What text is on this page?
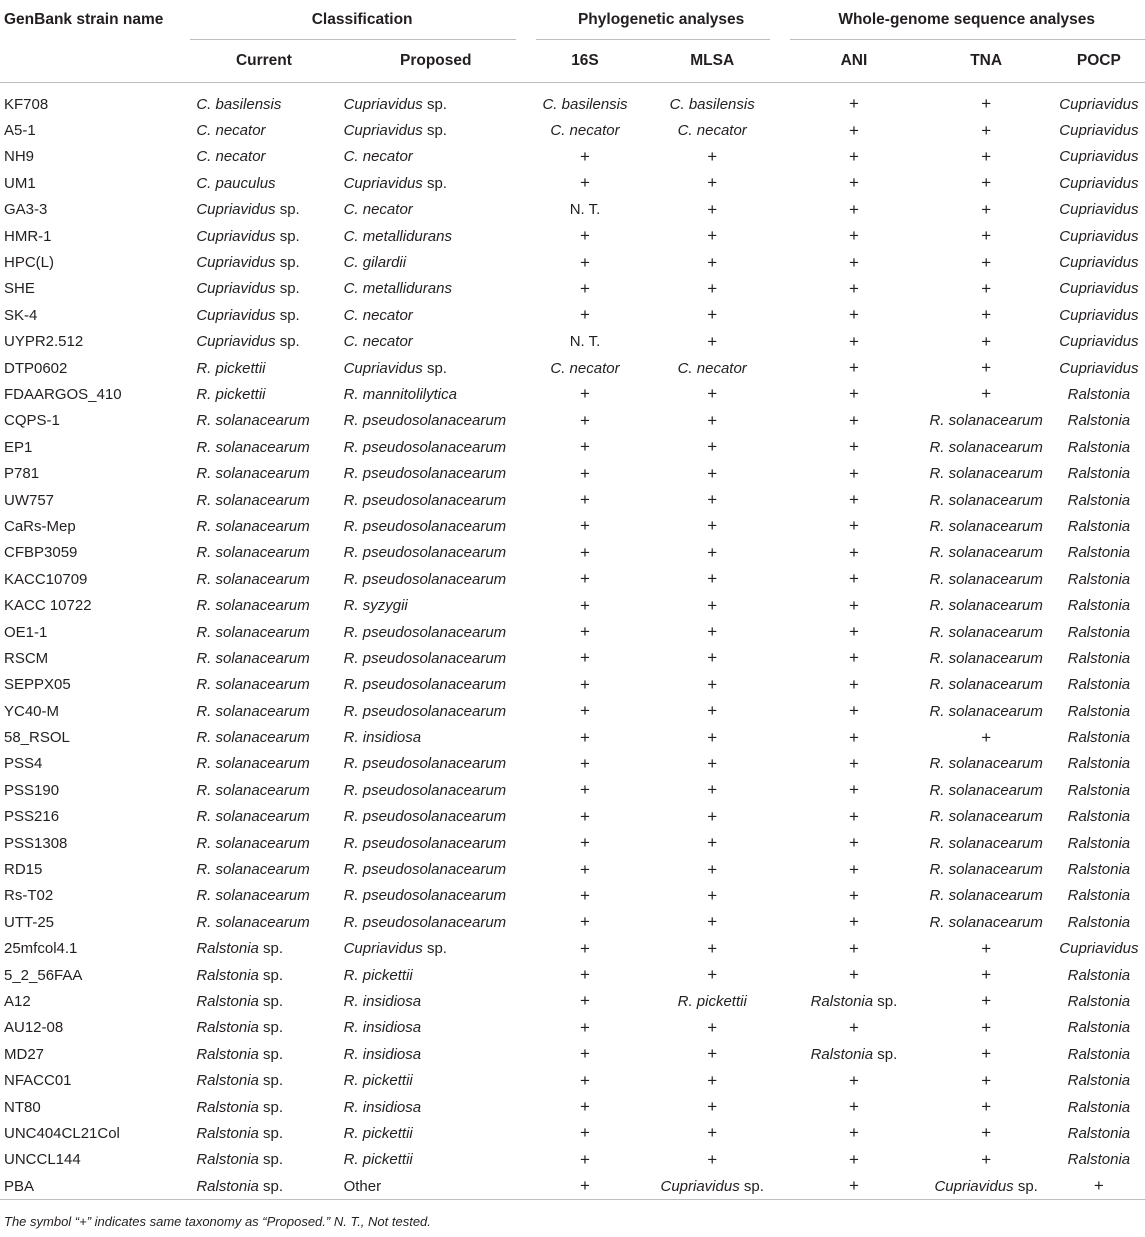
GenBank strain name	Classification		Phylogenetic analyses		Whole-genome sequence analyses		

	Current	Proposed	16S	MLSA	ANI	TNA	POCP

KF708	C. basilensis	Cupriavidus sp.	C. basilensis	C. basilensis	+	+	Cupriavidus
A5-1	C. necator	Cupriavidus sp.	C. necator	C. necator	+	+	Cupriavidus
NH9	C. necator	C. necator	+	+	+	+	Cupriavidus
UM1	C. pauculus	Cupriavidus sp.	+	+	+	+	Cupriavidus
GA3-3	Cupriavidus sp.	C. necator	N. T.	+	+	+	Cupriavidus
HMR-1	Cupriavidus sp.	C. metallidurans	+	+	+	+	Cupriavidus
HPC(L)	Cupriavidus sp.	C. gilardii	+	+	+	+	Cupriavidus
SHE	Cupriavidus sp.	C. metallidurans	+	+	+	+	Cupriavidus
SK-4	Cupriavidus sp.	C. necator	+	+	+	+	Cupriavidus
UYPR2.512	Cupriavidus sp.	C. necator	N. T.	+	+	+	Cupriavidus
DTP0602	R. pickettii	Cupriavidus sp.	C. necator	C. necator	+	+	Cupriavidus
FDAARGOS_410	R. pickettii	R. mannitolilytica	+	+	+	+	Ralstonia
CQPS-1	R. solanacearum	R. pseudosolanacearum	+	+	+	R. solanacearum	Ralstonia
EP1	R. solanacearum	R. pseudosolanacearum	+	+	+	R. solanacearum	Ralstonia
P781	R. solanacearum	R. pseudosolanacearum	+	+	+	R. solanacearum	Ralstonia
UW757	R. solanacearum	R. pseudosolanacearum	+	+	+	R. solanacearum	Ralstonia
CaRs-Mep	R. solanacearum	R. pseudosolanacearum	+	+	+	R. solanacearum	Ralstonia
CFBP3059	R. solanacearum	R. pseudosolanacearum	+	+	+	R. solanacearum	Ralstonia
KACC10709	R. solanacearum	R. pseudosolanacearum	+	+	+	R. solanacearum	Ralstonia
KACC 10722	R. solanacearum	R. syzygii	+	+	+	R. solanacearum	Ralstonia
OE1-1	R. solanacearum	R. pseudosolanacearum	+	+	+	R. solanacearum	Ralstonia
RSCM	R. solanacearum	R. pseudosolanacearum	+	+	+	R. solanacearum	Ralstonia
SEPPX05	R. solanacearum	R. pseudosolanacearum	+	+	+	R. solanacearum	Ralstonia
YC40-M	R. solanacearum	R. pseudosolanacearum	+	+	+	R. solanacearum	Ralstonia
58_RSOL	R. solanacearum	R. insidiosa	+	+	+	+	Ralstonia
PSS4	R. solanacearum	R. pseudosolanacearum	+	+	+	R. solanacearum	Ralstonia
PSS190	R. solanacearum	R. pseudosolanacearum	+	+	+	R. solanacearum	Ralstonia
PSS216	R. solanacearum	R. pseudosolanacearum	+	+	+	R. solanacearum	Ralstonia
PSS1308	R. solanacearum	R. pseudosolanacearum	+	+	+	R. solanacearum	Ralstonia
RD15	R. solanacearum	R. pseudosolanacearum	+	+	+	R. solanacearum	Ralstonia
Rs-T02	R. solanacearum	R. pseudosolanacearum	+	+	+	R. solanacearum	Ralstonia
UTT-25	R. solanacearum	R. pseudosolanacearum	+	+	+	R. solanacearum	Ralstonia
25mfcol4.1	Ralstonia sp.	Cupriavidus sp.	+	+	+	+	Cupriavidus
5_2_56FAA	Ralstonia sp.	R. pickettii	+	+	+	+	Ralstonia
A12	Ralstonia sp.	R. insidiosa	+	R. pickettii	Ralstonia sp.	+	Ralstonia
AU12-08	Ralstonia sp.	R. insidiosa	+	+	+	+	Ralstonia
MD27	Ralstonia sp.	R. insidiosa	+	+	Ralstonia sp.	+	Ralstonia
NFACC01	Ralstonia sp.	R. pickettii	+	+	+	+	Ralstonia
NT80	Ralstonia sp.	R. insidiosa	+	+	+	+	Ralstonia
UNC404CL21Col	Ralstonia sp.	R. pickettii	+	+	+	+	Ralstonia
UNCCL144	Ralstonia sp.	R. pickettii	+	+	+	+	Ralstonia
PBA	Ralstonia sp.	Other	+	Cupriavidus sp.	+	Cupriavidus sp.	+
The symbol “+” indicates same taxonomy as “Proposed.” N. T., Not tested.
